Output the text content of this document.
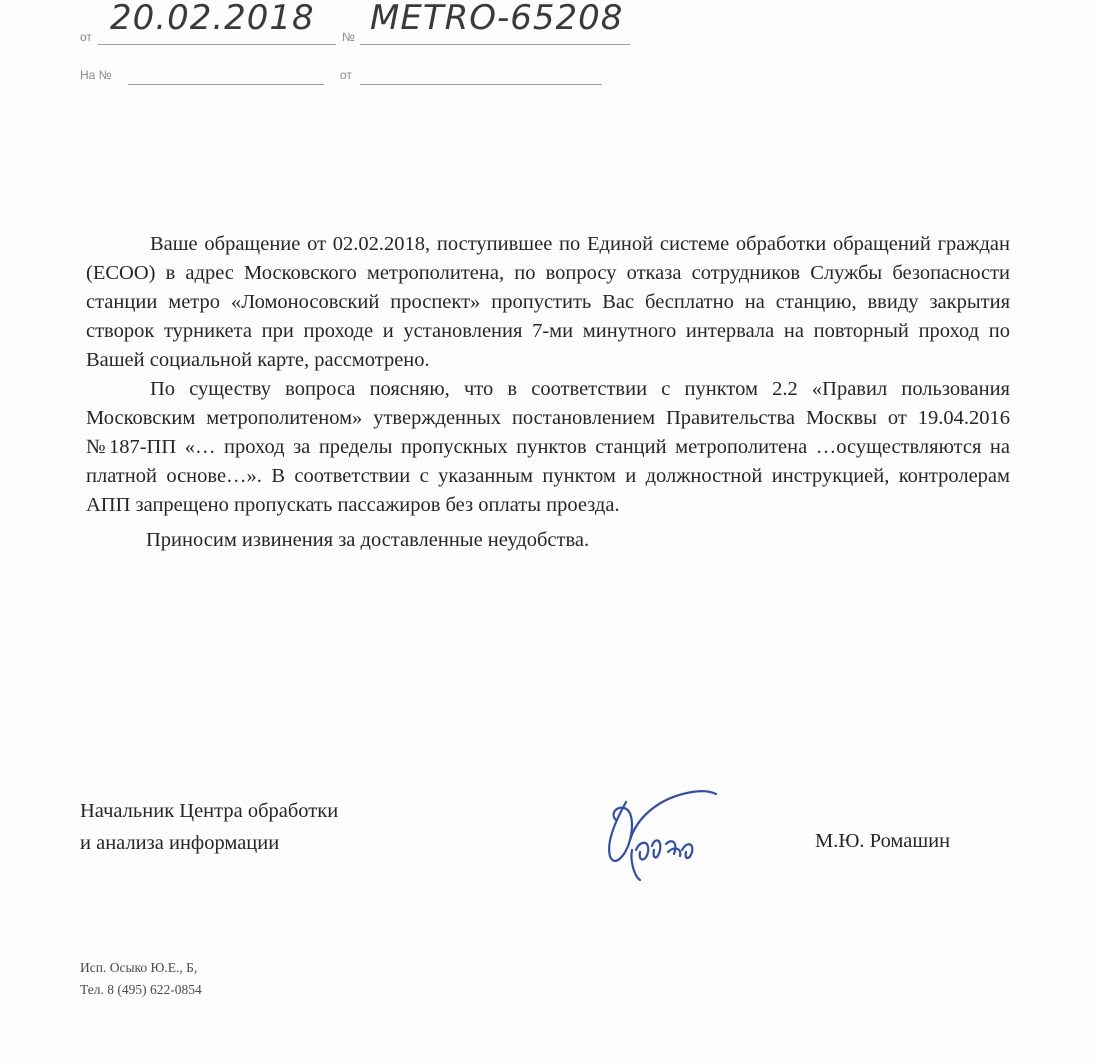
от 20.02.2018 № METRO-65208
На №	от

Ваше обращение от 02.02.2018, поступившее по Единой системе обработки обращений граждан (ЕСОО) в адрес Московского метрополитена, по вопросу отказа сотрудников Службы безопасности станции метро «Ломоносовский проспект» пропустить Вас бесплатно на станцию, ввиду закрытия створок турникета при проходе и установления 7-ми минутного интервала на повторный проход по Вашей социальной карте, рассмотрено.

По существу вопроса поясняю, что в соответствии с пунктом 2.2 «Правил пользования Московским метрополитеном» утвержденных постановлением Правительства Москвы от 19.04.2016 №187-ПП «… проход за пределы пропускных пунктов станций метрополитена …осуществляются на платной основе…». В соответствии с указанным пунктом и должностной инструкцией, контролерам АПП запрещено пропускать пассажиров без оплаты проезда.

Приносим извинения за доставленные неудобства.

Начальник Центра обработки
и анализа информации	М.Ю. Ромашин
Исп. Осыко Ю.Е., Б,
Тел. 8 (495) 622-0854
